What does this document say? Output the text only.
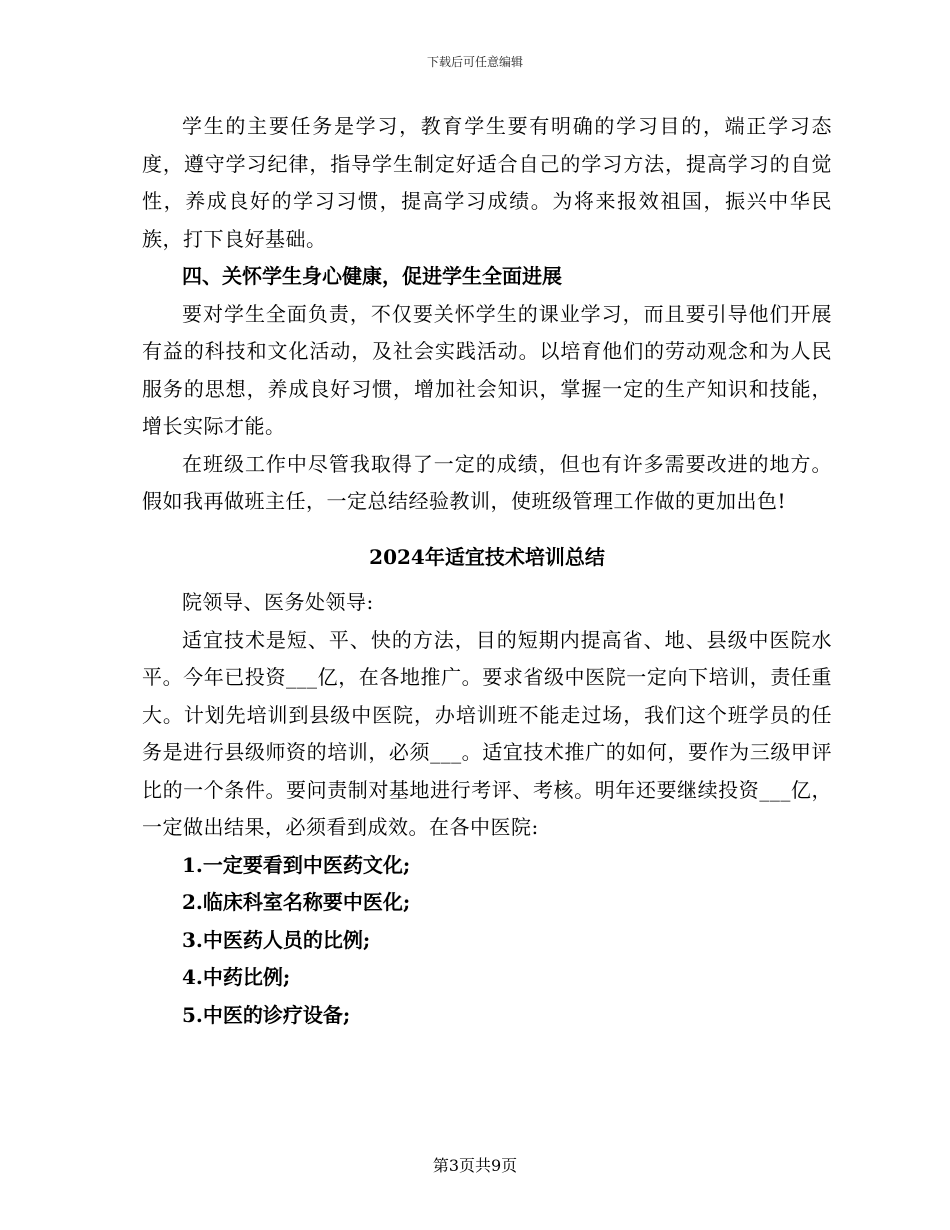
下载后可任意编辑

学生的主要任务是学习，教育学生要有明确的学习目的，端正学习态度，遵守学习纪律，指导学生制定好适合自己的学习方法，提高学习的自觉性，养成良好的学习习惯，提高学习成绩。为将来报效祖国，振兴中华民族，打下良好基础。

四、关怀学生身心健康，促进学生全面进展

要对学生全面负责，不仅要关怀学生的课业学习，而且要引导他们开展有益的科技和文化活动，及社会实践活动。以培育他们的劳动观念和为人民服务的思想，养成良好习惯，增加社会知识，掌握一定的生产知识和技能，增长实际才能。

在班级工作中尽管我取得了一定的成绩，但也有许多需要改进的地方。假如我再做班主任，一定总结经验教训，使班级管理工作做的更加出色!

2024年适宜技术培训总结

院领导、医务处领导:

适宜技术是短、平、快的方法，目的短期内提高省、地、县级中医院水平。今年已投资___亿，在各地推广。要求省级中医院一定向下培训，责任重大。计划先培训到县级中医院，办培训班不能走过场，我们这个班学员的任务是进行县级师资的培训，必须___。适宜技术推广的如何，要作为三级甲评比的一个条件。要问责制对基地进行考评、考核。明年还要继续投资___亿，一定做出结果，必须看到成效。在各中医院:

1.一定要看到中医药文化;

2.临床科室名称要中医化;

3.中医药人员的比例;

4.中药比例;

5.中医的诊疗设备;

第3页共9页
